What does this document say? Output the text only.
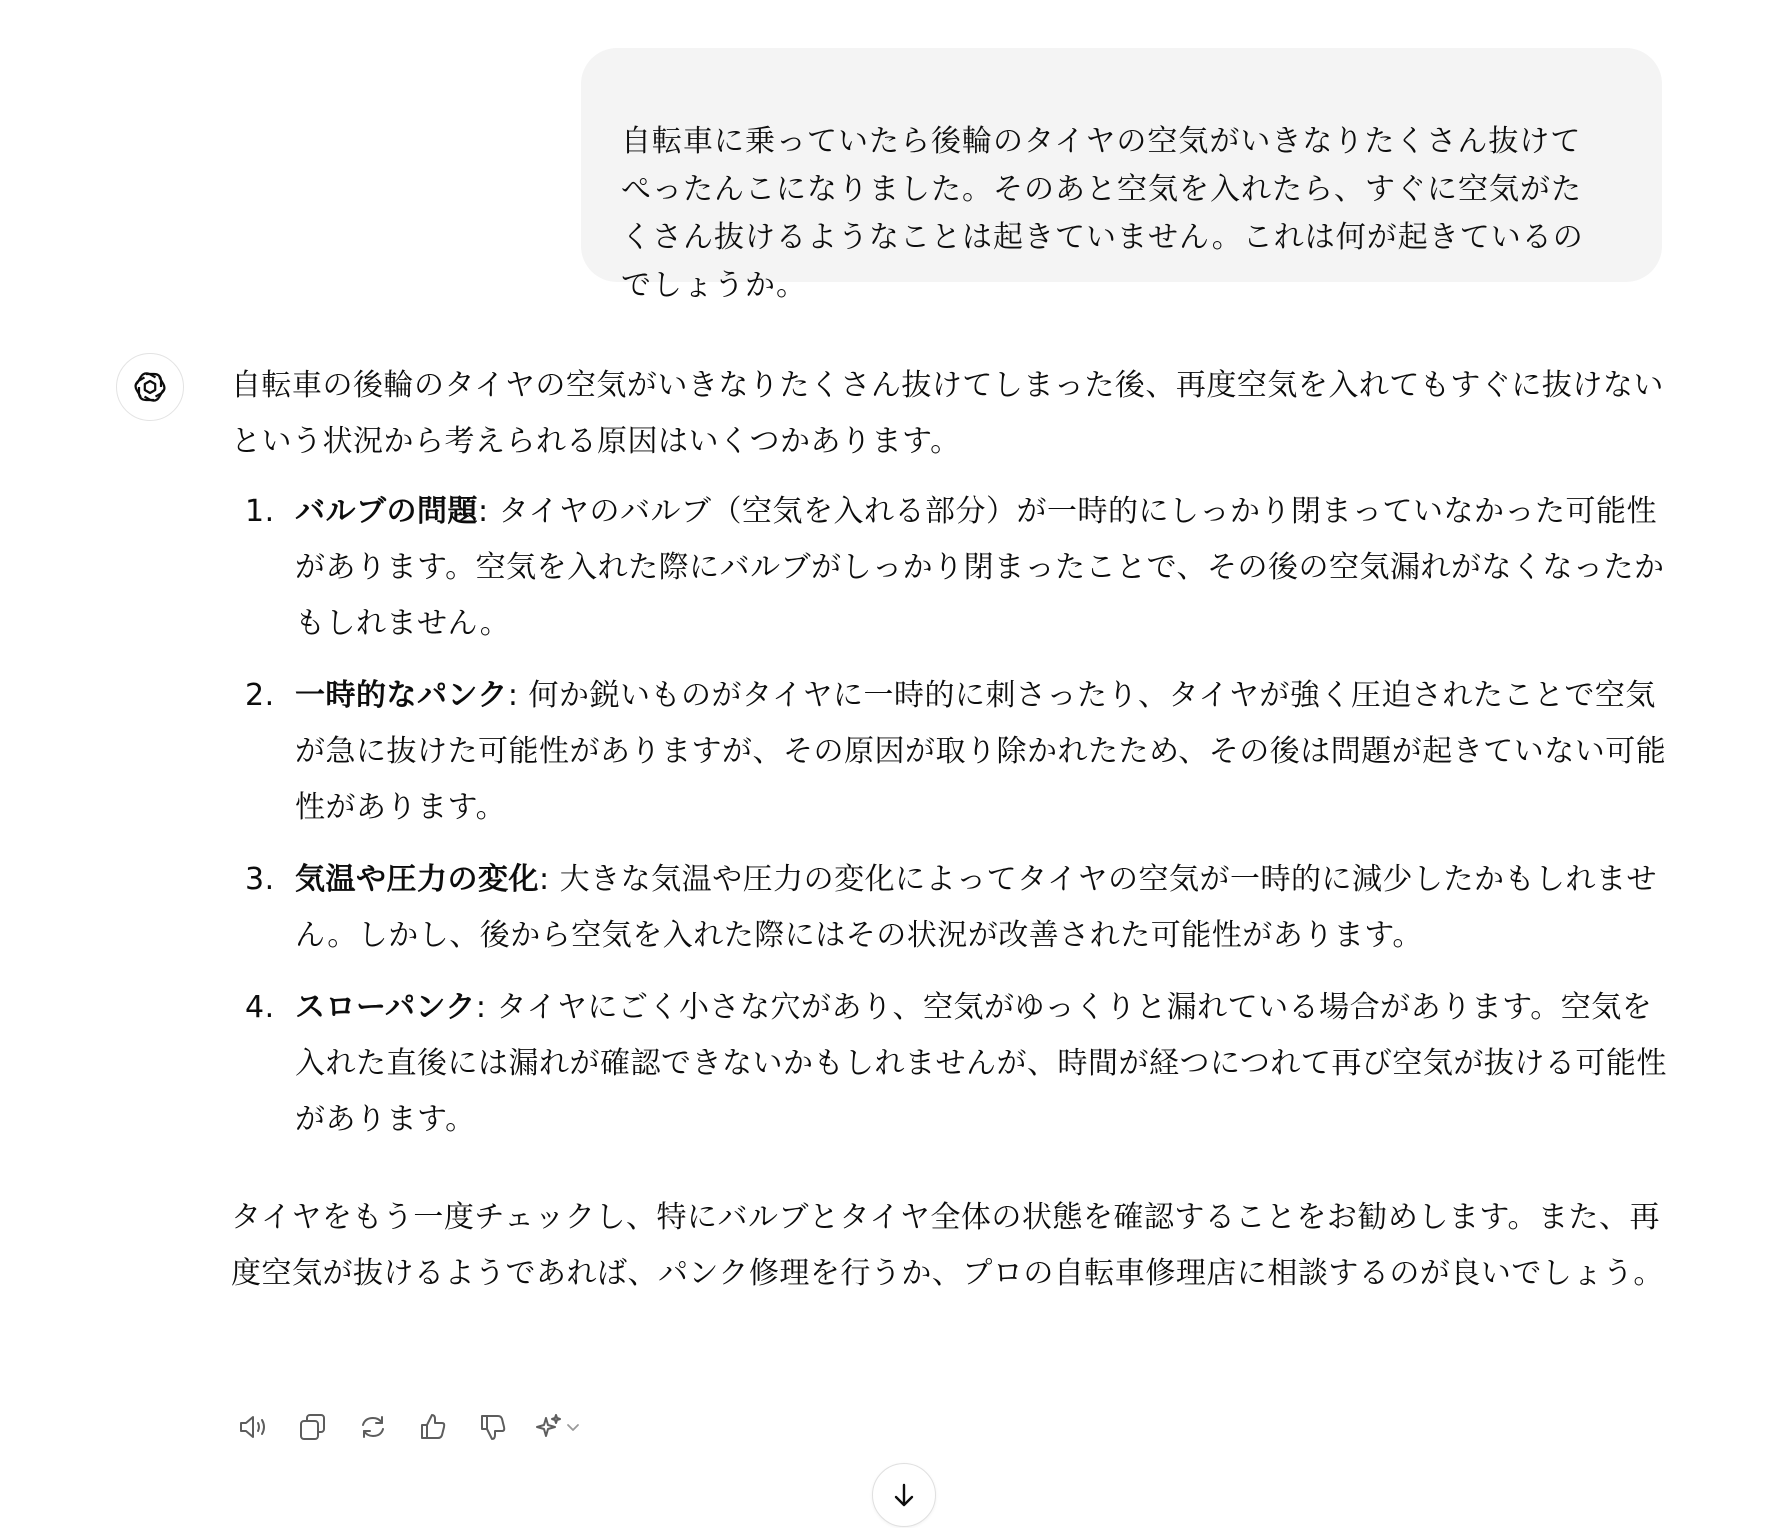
自転車に乗っていたら後輪のタイヤの空気がいきなりたくさん抜けて
ぺったんこになりました。そのあと空気を入れたら、すぐに空気がた
くさん抜けるようなことは起きていません。これは何が起きているの
でしょうか。

自転車の後輪のタイヤの空気がいきなりたくさん抜けてしまった後、再度空気を入れてもすぐに抜けないという状況から考えられる原因はいくつかあります。

1. バルブの問題: タイヤのバルブ（空気を入れる部分）が一時的にしっかり閉まっていなかった可能性があります。空気を入れた際にバルブがしっかり閉まったことで、その後の空気漏れがなくなったかもしれません。
2. 一時的なパンク: 何か鋭いものがタイヤに一時的に刺さったり、タイヤが強く圧迫されたことで空気が急に抜けた可能性がありますが、その原因が取り除かれたため、その後は問題が起きていない可能性があります。
3. 気温や圧力の変化: 大きな気温や圧力の変化によってタイヤの空気が一時的に減少したかもしれません。しかし、後から空気を入れた際にはその状況が改善された可能性があります。
4. スローパンク: タイヤにごく小さな穴があり、空気がゆっくりと漏れている場合があります。空気を入れた直後には漏れが確認できないかもしれませんが、時間が経つにつれて再び空気が抜ける可能性があります。

タイヤをもう一度チェックし、特にバルブとタイヤ全体の状態を確認することをお勧めします。また、再度空気が抜けるようであれば、パンク修理を行うか、プロの自転車修理店に相談するのが良いでしょう。
